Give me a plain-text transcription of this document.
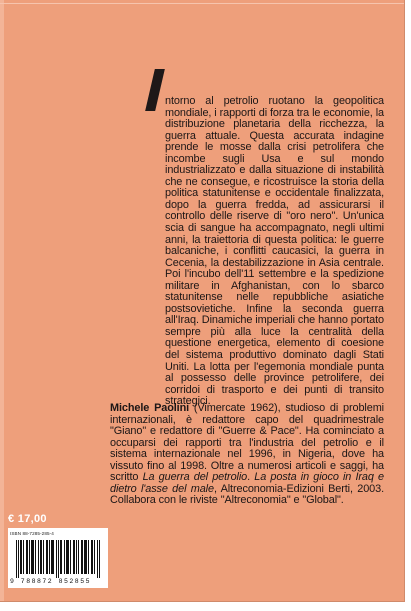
ntorno al petrolio ruotano la geopolitica mondiale, i rapporti di forza tra le economie, la distribuzione planetaria della ricchezza, la guerra attuale. Questa accurata indagine prende le mosse dalla crisi petrolifera che incombe sugli Usa e sul mondo industrializzato e dalla situazione di instabilità che ne consegue, e ricostruisce la storia della politica statunitense e occidentale finalizzata, dopo la guerra fredda, ad assicurarsi il controllo delle riserve di "oro nero". Un'unica scia di sangue ha accompagnato, negli ultimi anni, la traiettoria di questa politica: le guerre balcaniche, i conflitti caucasici, la guerra in Cecenia, la destabilizzazione in Asia centrale. Poi l'incubo dell'11 settembre e la spedizione militare in Afghanistan, con lo sbarco statunitense nelle repubbliche asiatiche postsovietiche. Infine la seconda guerra all'Iraq. Dinamiche imperiali che hanno portato sempre più alla luce la centralità della questione energetica, elemento di coesione del sistema produttivo dominato dagli Stati Uniti. La lotta per l'egemonia mondiale punta al possesso delle province petrolifere, dei corridoi di trasporto e dei punti di transito strategici.
Michele Paolini (Vimercate 1962), studioso di problemi internazionali, è redattore capo del quadrimestrale "Giano" e redattore di "Guerre & Pace". Ha cominciato a occuparsi dei rapporti tra l'industria del petrolio e il sistema internazionale nel 1996, in Nigeria, dove ha vissuto fino al 1998. Oltre a numerosi articoli e saggi, ha scritto La guerra del petrolio. La posta in gioco in Iraq e dietro l'asse del male, Altreconomia-Edizioni Berti, 2003. Collabora con le riviste "Altreconomia" e "Global".
€ 17,00
ISBN 88-7285-285-4
9 788872 852855
